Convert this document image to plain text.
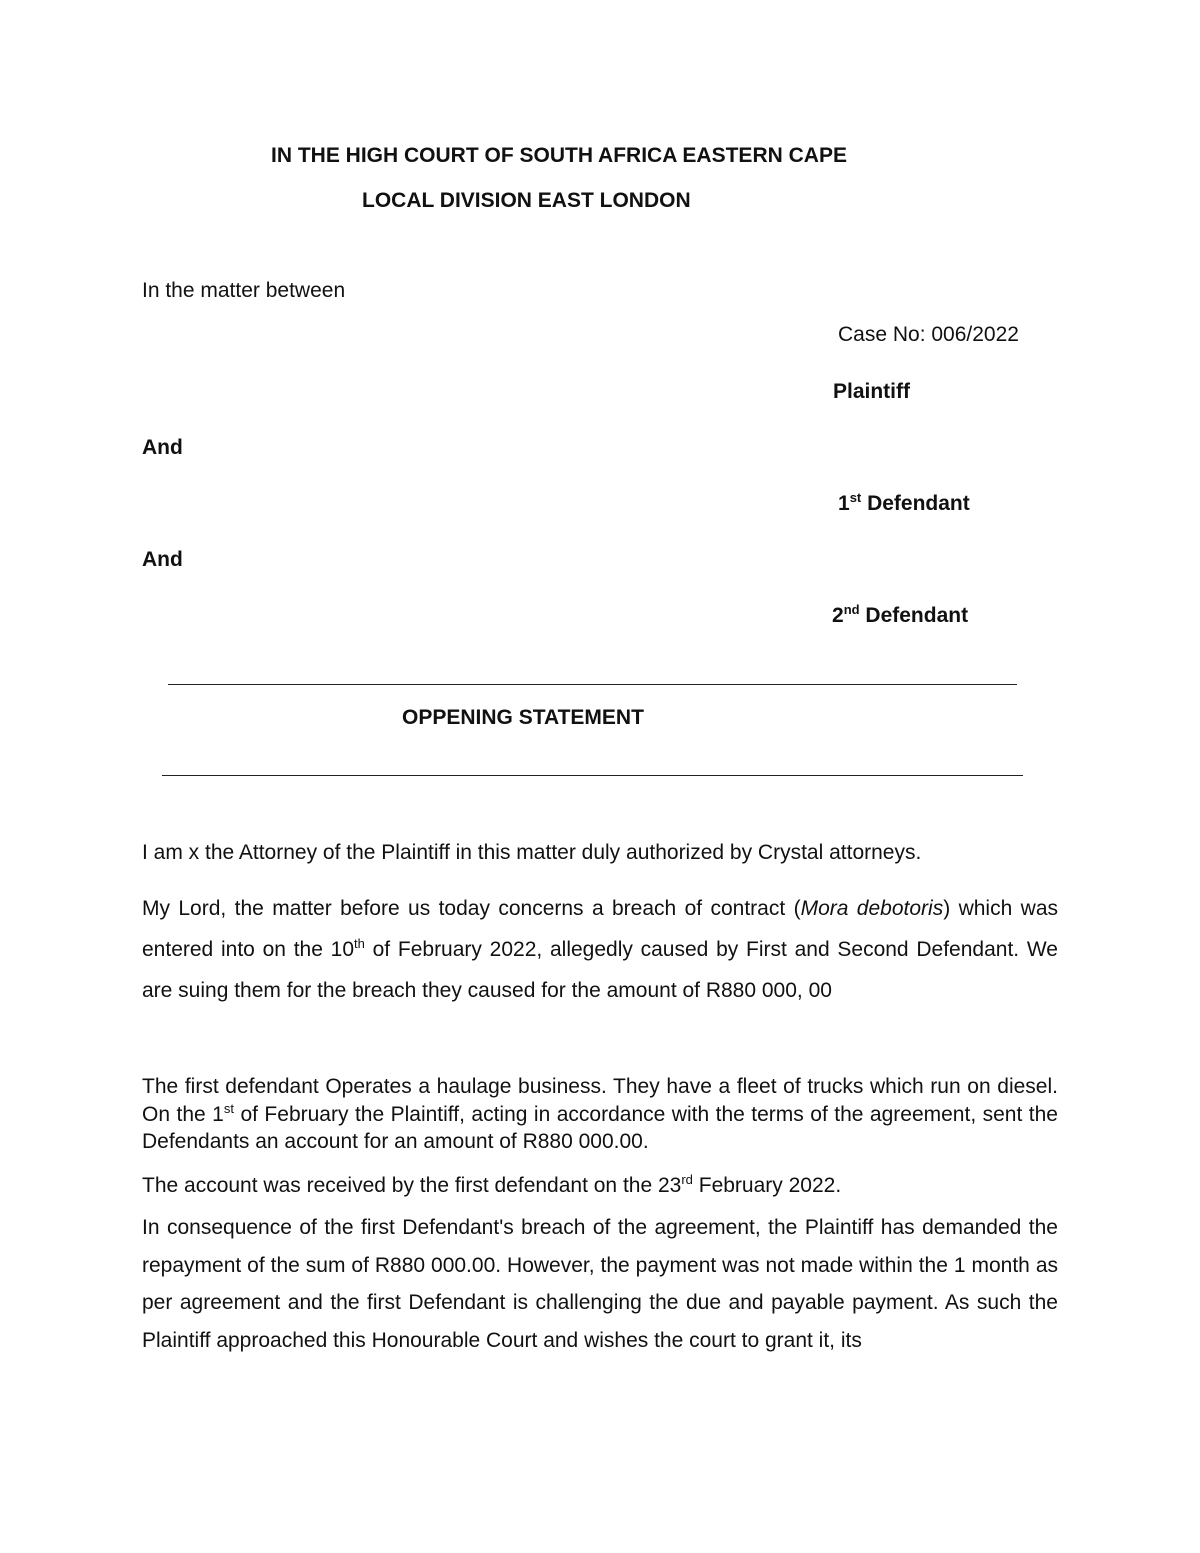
IN THE HIGH COURT OF SOUTH AFRICA EASTERN CAPE
LOCAL DIVISION EAST LONDON
In the matter between
Case No: 006/2022
Plaintiff
And
1st Defendant
And
2nd Defendant
OPPENING STATEMENT

I am x the Attorney of the Plaintiff in this matter duly authorized by Crystal attorneys.

My Lord, the matter before us today concerns a breach of contract (Mora debotoris) which was entered into on the 10th of February 2022, allegedly caused by First and Second Defendant. We are suing them for the breach they caused for the amount of R880 000, 00

The first defendant Operates a haulage business. They have a fleet of trucks which run on diesel. On the 1st of February the Plaintiff, acting in accordance with the terms of the agreement, sent the Defendants an account for an amount of R880 000.00.

The account was received by the first defendant on the 23rd February 2022.

In consequence of the first Defendant's breach of the agreement, the Plaintiff has demanded the repayment of the sum of R880 000.00. However, the payment was not made within the 1 month as per agreement and the first Defendant is challenging the due and payable payment. As such the Plaintiff approached this Honourable Court and wishes the court to grant it, its
